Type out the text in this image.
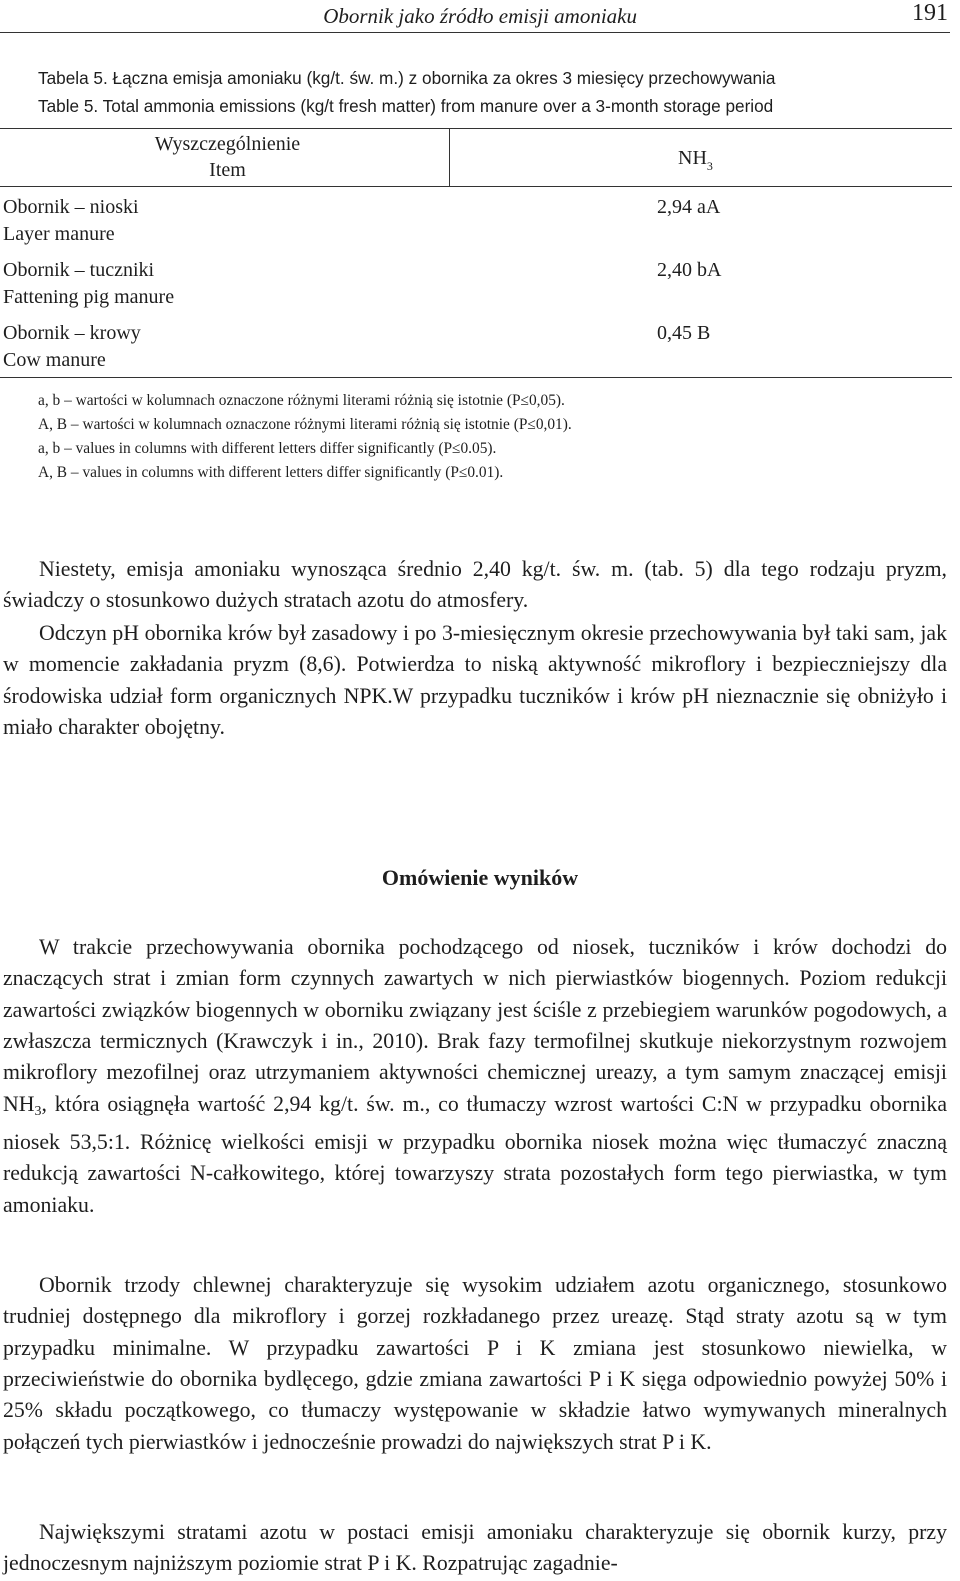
Obornik jako źródło emisji amoniaku	191
Tabela 5. Łączna emisja amoniaku (kg/t. św. m.) z obornika za okres 3 miesięcy przechowywania
Table 5. Total ammonia emissions (kg/t fresh matter) from manure over a 3-month storage period
Wyszczególnienie
Item
$NH_3$
Obornik – nioski
Layer manure
2,94 aA
Obornik – tuczniki
Fattening pig manure
2,40 bA
Obornik – krowy
Cow manure
0,45 B
a, b – wartości w kolumnach oznaczone różnymi literami różnią się istotnie (P≤0,05).
A, B – wartości w kolumnach oznaczone różnymi literami różnią się istotnie (P≤0,01).
a, b – values in columns with different letters differ significantly (P≤0.05).
A, B – values in columns with different letters differ significantly (P≤0.01).

Niestety, emisja amoniaku wynosząca średnio 2,40 kg/t. św. m. (tab. 5) dla tego rodzaju pryzm, świadczy o stosunkowo dużych stratach azotu do atmosfery.

Odczyn pH obornika krów był zasadowy i po 3-miesięcznym okresie przechowywania był taki sam, jak w momencie zakładania pryzm (8,6). Potwierdza to niską aktywność mikroflory i bezpieczniejszy dla środowiska udział form organicznych NPK.W przypadku tuczników i krów pH nieznacznie się obniżyło i miało charakter obojętny.

Omówienie wyników

W trakcie przechowywania obornika pochodzącego od niosek, tuczników i krów dochodzi do znaczących strat i zmian form czynnych zawartych w nich pierwiastków biogennych. Poziom redukcji zawartości związków biogennych w oborniku związany jest ściśle z przebiegiem warunków pogodowych, a zwłaszcza termicznych (Krawczyk i in., 2010). Brak fazy termofilnej skutkuje niekorzystnym rozwojem mikroflory mezofilnej oraz utrzymaniem aktywności chemicznej ureazy, a tym samym znaczącej emisji $NH_3$, która osiągnęła wartość 2,94 kg/t. św. m., co tłumaczy wzrost wartości C:N w przypadku obornika niosek 53,5:1. Różnicę wielkości emisji w przypadku obornika niosek można więc tłumaczyć znaczną redukcją zawartości N-całkowitego, której towarzyszy strata pozostałych form tego pierwiastka, w tym amoniaku.

Obornik trzody chlewnej charakteryzuje się wysokim udziałem azotu organicznego, stosunkowo trudniej dostępnego dla mikroflory i gorzej rozkładanego przez ureazę. Stąd straty azotu są w tym przypadku minimalne. W przypadku zawartości P i K zmiana jest stosunkowo niewielka, w przeciwieństwie do obornika bydlęcego, gdzie zmiana zawartości P i K sięga odpowiednio powyżej 50% i 25% składu początkowego, co tłumaczy występowanie w składzie łatwo wymywanych mineralnych połączeń tych pierwiastków i jednocześnie prowadzi do największych strat P i K.

Największymi stratami azotu w postaci emisji amoniaku charakteryzuje się obornik kurzy, przy jednoczesnym najniższym poziomie strat P i K. Rozpatrując zagadnie-
